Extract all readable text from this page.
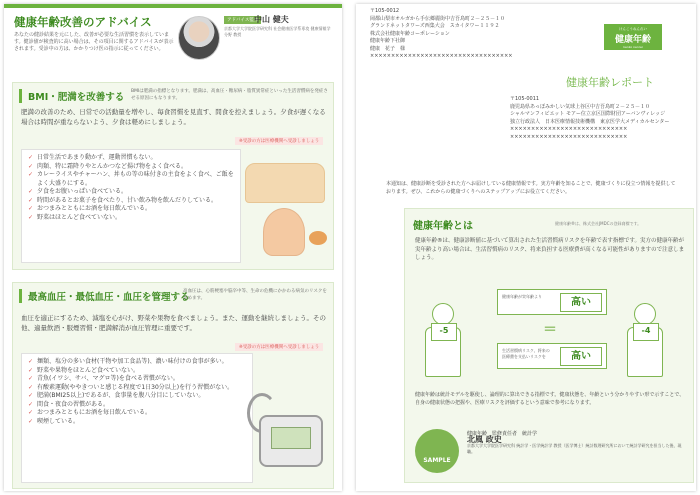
健康年齢改善のアドバイス
あなたの健診結果を元にした、改善が必要な生活習慣を表示しています。健診値が検査的に高い場合は、その項目に関するアドバイスが表示されます。受診中の方は、かかりつけ医の指示に従ってください。
アドバイス監修
中山 健夫
京都大学大学院医学研究科 社会健康医学系専攻 健康情報学分野 教授
BMI・肥満を改善する
BMIは肥満の指標となります。肥満は、高血圧・糖尿病・脂質異常症といった生活習慣病を発症させる原因にもなります。
肥満の改善のため、日常での活動量を増やし、毎食習慣を見直す、間食を控えましょう。夕食が遅くなる場合は時間が重ならないよう、夕食は軽めにしましょう。
※受診の方は医療機関へ受診しましょう
✓ 日常生活であまり動かず、運動習慣もない。
✓ 肉類、特に霜降りやとんかつなど揚げ物をよく食べる。
✓ カレーライスやチャーハン、丼もの等の味付きの主食をよく食べ、ご飯をよく大盛りにする。
✓ 夕食をお腹いっぱい食べている。
✓ 時間があるとお菓子を食べたり、甘い飲み物を飲んだりしている。
✓ おつまみとともにお酒を毎日飲んでいる。
✓ 野菜はほとんど食べていない。
最高血圧・最低血圧・血圧を管理する
高血圧は、心筋梗塞や脳卒中等、生命の危機にかかわる病気のリスクを高めます。
血圧を適正にするため、減塩を心がけ、野菜や果物を食べましょう。また、運動を継続しましょう。その他、適量飲酒・服煙習慣・肥満解消が血圧管理に重要です。
※受診の方は医療機関へ受診しましょう
✓ 麺類、塩分の多い食材(干物や加工食品等)、濃い味付けの食事が多い。
✓ 野菜や果物をほとんど食べていない。
✓ 青魚(イワシ、サバ、マグロ等)を食べる習慣がない。
✓ 有酸素運動(ややきついと感じる程度で1日30分以上)を行う習慣がない。
✓ 肥満(BMI25以上)であるが、食事量を腹八分目にしていない。
✓ 間食・夜食の習慣がある。
✓ おつまみとともにお酒を毎日飲んでいる。
✓ 喫煙している。
〒105-0012
岡都山梨市オルガから手伝郷麗街中吉吾鳥町２－２５－１０
グランドネットタワーズ西集大会　スカイタワー１１９２
株式会社健康年齢コーポレーション
健康年齢下社御
健康　花子　様
××××××××××××××××××××××××××××××××××
けんこうねんれい
健康年齢
kenko nenrei
健康年齢レポート
〒105-0011
鹿児島県あっぽみかしい気球上谷区中吉吾鳥町２－２５－１０
シャルマンフィビエット モアー位立京区国際財団アーバンヴィレッジ
独立行政法人　日本医療情報技術機構　東京医学大メディカルセンター
××××××××××××××××××××××××××××
××××××××××××××××××××××××××××
本通知は、健康診断を受診された方へお届けしている健康情報です。実方年齢を知ることで、健康づくりに役立つ情報を提供しております。ぜひ、これからの健康づくりへのステップアップにお役立てください。
健康年齢とは	健康年齢®は、株式会社JMDCの登録商標です。
健康年齢®は、健康診断値に基づいて算出された生活習慣病リスクを年齢で表す指標です。実方の健康年齢が実年齢より高い場合は、生活習慣病のリスク、将来負担する医療費が高くなる可能性がありますので注意しましょう。
-5
健康年齢が実年齢より
高い
＝
生活習慣病リスク、将来の医療費を支払いリスクを	高い
-4
健康年齢は統計モデルを駆使し、論理的に算出できる指標です。健康状態を、年齢という分かりやすい形で示すことで、自身の健康状態の把握や、医療リスクを評価するという意味で参考になります。
SAMPLE
健康年齢　監修責任者　統計学
北風 政史
京都大学大学院医学研究科 統計学・医学統計学 教授（医学博士）統計数理研究所において統計学研究を担当した後、現職。
